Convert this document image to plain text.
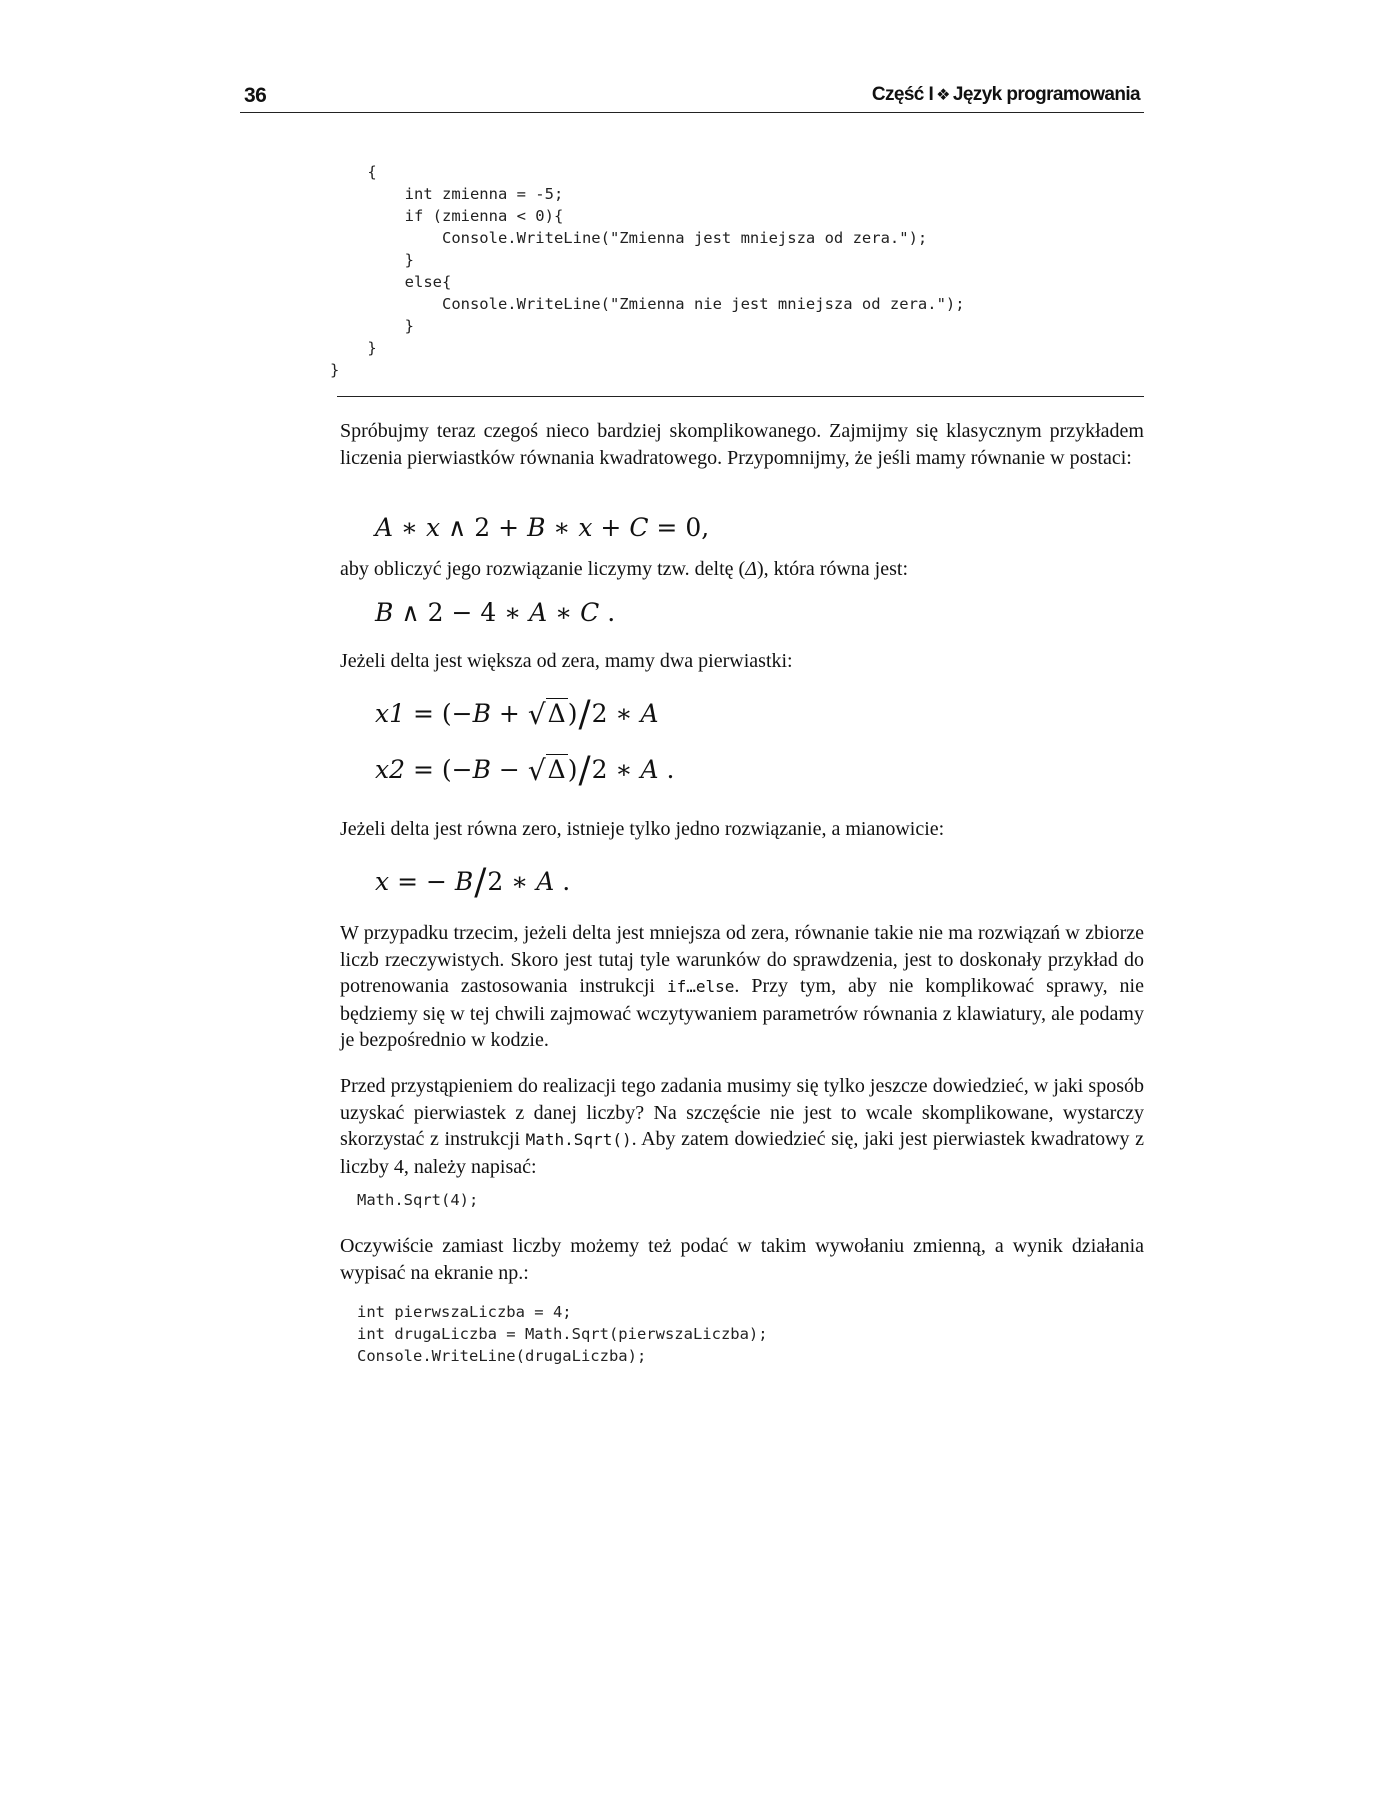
36	Część I ❖ Język programowania
{
int zmienna = -5;
if (zmienna < 0){
Console.WriteLine("Zmienna jest mniejsza od zera.");
}
else{
Console.WriteLine("Zmienna nie jest mniejsza od zera.");
}
}
}

Spróbujmy teraz czegoś nieco bardziej skomplikowanego. Zajmijmy się klasycznym przykładem liczenia pierwiastków równania kwadratowego. Przypomnijmy, że jeśli mamy równanie w postaci:

A ∗ x ∧ 2 + B ∗ x + C = 0,

aby obliczyć jego rozwiązanie liczymy tzw. deltę (Δ), która równa jest:

B ∧ 2 − 4 ∗ A ∗ C .

Jeżeli delta jest większa od zera, mamy dwa pierwiastki:

x1 = (−B + √Δ)/2 ∗ A
x2 = (−B − √Δ)/2 ∗ A .

Jeżeli delta jest równa zero, istnieje tylko jedno rozwiązanie, a mianowicie:

x = − B/2 ∗ A .

W przypadku trzecim, jeżeli delta jest mniejsza od zera, równanie takie nie ma rozwiązań w zbiorze liczb rzeczywistych. Skoro jest tutaj tyle warunków do sprawdzenia, jest to doskonały przykład do potrenowania zastosowania instrukcji if…else. Przy tym, aby nie komplikować sprawy, nie będziemy się w tej chwili zajmować wczytywaniem parametrów równania z klawiatury, ale podamy je bezpośrednio w kodzie.

Przed przystąpieniem do realizacji tego zadania musimy się tylko jeszcze dowiedzieć, w jaki sposób uzyskać pierwiastek z danej liczby? Na szczęście nie jest to wcale skomplikowane, wystarczy skorzystać z instrukcji Math.Sqrt(). Aby zatem dowiedzieć się, jaki jest pierwiastek kwadratowy z liczby 4, należy napisać:

Math.Sqrt(4);

Oczywiście zamiast liczby możemy też podać w takim wywołaniu zmienną, a wynik działania wypisać na ekranie np.:

int pierwszaLiczba = 4;
int drugaLiczba = Math.Sqrt(pierwszaLiczba);
Console.WriteLine(drugaLiczba);
